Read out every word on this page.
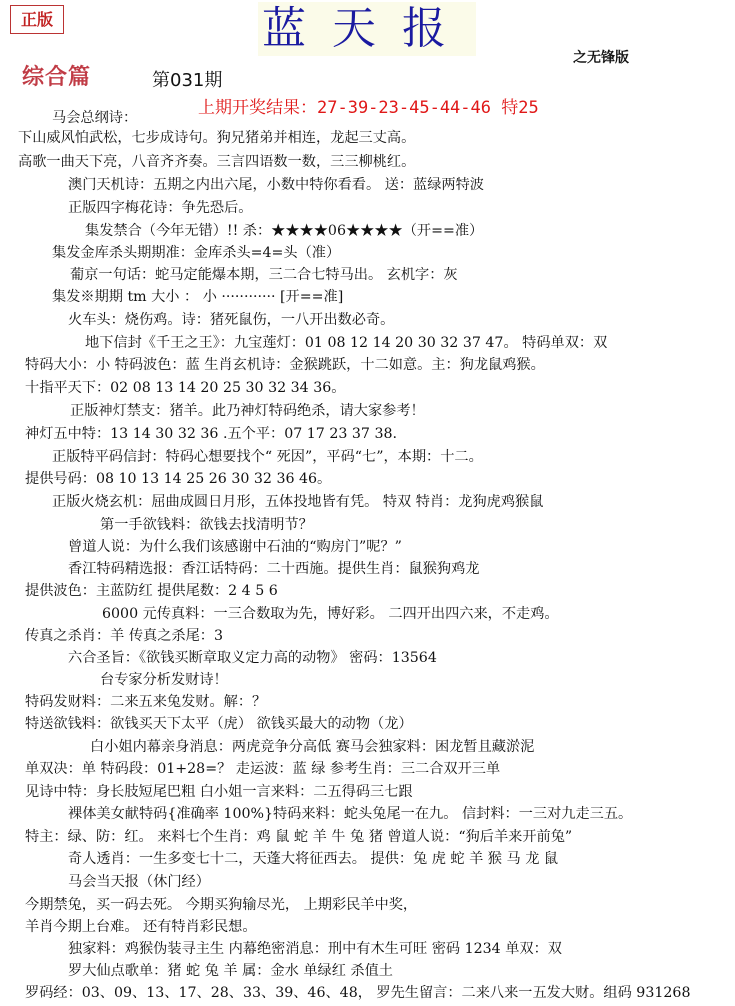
正版	蓝天报
之无锋版
综合篇	第031期
上期开奖结果：27-39-23-45-44-46 特25
马会总纲诗：
下山威风怕武松，七步成诗句。狗兄猪弟并相连，龙起三丈高。
高歌一曲天下亮，八音齐齐奏。三言四语数一数，三三柳桃红。
澳门天机诗：五期之内出六尾，小数中特你看看。 送：蓝绿两特波
正版四字梅花诗：争先恐后。
集发禁合（今年无错）!! 杀：★★★★06★★★★（开==准）
集发金库杀头期期准：金库杀头=4=头（准）
葡京一句话：蛇马定能爆本期，三二合七特马出。 玄机字：灰
集发※期期 tm 大小 ： 小 ············ [开==准]
火车头：烧伤鸡。诗：猪死鼠伤，一八开出数必奇。
地下信封《千王之王》：九宝莲灯：01 08 12 14 20 30 32 37 47。 特码单双：双
特码大小：小 特码波色：蓝 生肖玄机诗：金猴跳跃，十二如意。主：狗龙鼠鸡猴。
十指平天下：02 08 13 14 20 25 30 32 34 36。
正版神灯禁支：猪羊。此乃神灯特码绝杀，请大家参考！
神灯五中特：13 14 30 32 36 .五个平：07 17 23 37 38.
正版特平码信封：特码心想要找个“ 死因”，平码“七”，本期：十二。
提供号码：08 10 13 14 25 26 30 32 36 46。
正版火烧玄机：屈曲成圆日月形，五体投地皆有凭。 特双 特肖：龙狗虎鸡猴鼠
第一手欲钱料：欲钱去找清明节？
曾道人说：为什么我们该感谢中石油的“购房门”呢？”
香江特码精选报：香江话特码：二十西施。提供生肖：鼠猴狗鸡龙
提供波色：主蓝防红 提供尾数：2 4 5 6
6000 元传真料：一三合数取为先，博好彩。 二四开出四六来，不走鸡。
传真之杀肖：羊 传真之杀尾：3
六合圣旨：《欲钱买断章取义定力高的动物》 密码：13564
台专家分析发财诗！
特码发财料：二来五来兔发财。解：？
特送欲钱料：欲钱买天下太平（虎） 欲钱买最大的动物（龙）
白小姐内幕亲身消息：两虎竞争分高低 赛马会独家料：困龙暂且藏淤泥
单双决：单 特码段：01+28=？ 走运波：蓝 绿 参考生肖：三二合双开三单
见诗中特：身长肢短尾巴粗 白小姐一言来料：二五得码三七跟
裸体美女献特码{准确率 100%}特码来料：蛇头兔尾一在九。 信封料：一三对九走三五。
特主：绿、防：红。 来料七个生肖：鸡 鼠 蛇 羊 牛 兔 猪 曾道人说：“狗后羊来开前兔”
奇人透肖：一生多变七十二，天蓬大将征西去。 提供：兔 虎 蛇 羊 猴 马 龙 鼠
马会当天报（休门经）
今期禁兔，买一码去死。 今期买狗输尽光， 上期彩民羊中奖，
羊肖今期上台难。 还有特肖彩民想。
独家料：鸡猴伪装寻主生 内幕绝密消息：刑中有木生可旺 密码 1234 单双：双
罗大仙点歌单：猪 蛇 兔 羊 属：金水 单绿红 杀值土
罗码经：03、09、13、17、28、33、39、46、48， 罗先生留言：二来八来一五发大财。组码 931268
